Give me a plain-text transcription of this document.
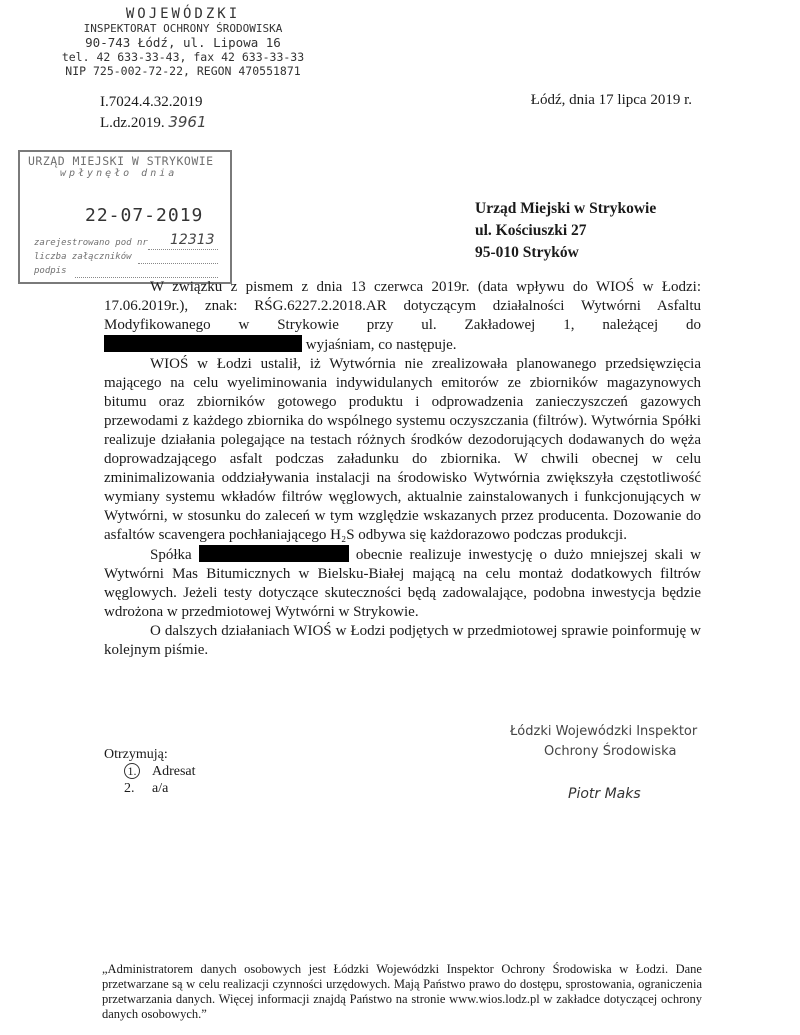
WOJEWÓDZKI
INSPEKTORAT OCHRONY ŚRODOWISKA
90-743 Łódź, ul. Lipowa 16
tel. 42 633-33-43, fax 42 633-33-33
NIP 725-002-72-22, REGON 470551871
I.7024.4.32.2019
L.dz.2019. 3961
Łódź, dnia 17 lipca 2019 r.
URZĄD MIEJSKI W STRYKOWIE
wpłynęło dnia
22-07-2019
zarejestrowano pod nr
liczba załączników
podpis
12313
Urząd Miejski w Strykowie
ul. Kościuszki 27
95-010 Stryków

W związku z pismem z dnia 13 czerwca 2019r. (data wpływu do WIOŚ w Łodzi: 17.06.2019r.), znak: RŚG.6227.2.2018.AR dotyczącym działalności Wytwórni Asfaltu Modyfikowanego w Strykowie przy ul. Zakładowej 1, należącej do wyjaśniam, co następuje.

WIOŚ w Łodzi ustalił, iż Wytwórnia nie zrealizowała planowanego przedsięwzięcia mającego na celu wyeliminowania indywidulanych emitorów ze zbiorników magazynowych bitumu oraz zbiorników gotowego produktu i odprowadzenia zanieczyszczeń gazowych przewodami z każdego zbiornika do wspólnego systemu oczyszczania (filtrów). Wytwórnia Spółki realizuje działania polegające na testach różnych środków dezodorujących dodawanych do węża doprowadzającego asfalt podczas załadunku do zbiornika. W chwili obecnej w celu zminimalizowania oddziaływania instalacji na środowisko Wytwórnia zwiększyła częstotliwość wymiany systemu wkładów filtrów węglowych, aktualnie zainstalowanych i funkcjonujących w Wytwórni, w stosunku do zaleceń w tym względzie wskazanych przez producenta. Dozowanie do asfaltów scavengera pochłaniającego H₂S odbywa się każdorazowo podczas produkcji.

Spółka	obecnie realizuje inwestycję o dużo mniejszej skali w Wytwórni Mas Bitumicznych w Bielsku-Białej mającą na celu montaż dodatkowych filtrów węglowych. Jeżeli testy dotyczące skuteczności będą zadowalające, podobna inwestycja będzie wdrożona w przedmiotowej Wytwórni w Strykowie.

O dalszych działaniach WIOŚ w Łodzi podjętych w przedmiotowej sprawie poinformuję w kolejnym piśmie.

Łódzki Wojewódzki Inspektor
Ochrony Środowiska
Piotr Maks
Otrzymują:
1. Adresat
2. a/a
„Administratorem danych osobowych jest Łódzki Wojewódzki Inspektor Ochrony Środowiska w Łodzi. Dane przetwarzane są w celu realizacji czynności urzędowych. Mają Państwo prawo do dostępu, sprostowania, ograniczenia przetwarzania danych. Więcej informacji znajdą Państwo na stronie www.wios.lodz.pl w zakładce dotyczącej ochrony danych osobowych.”
